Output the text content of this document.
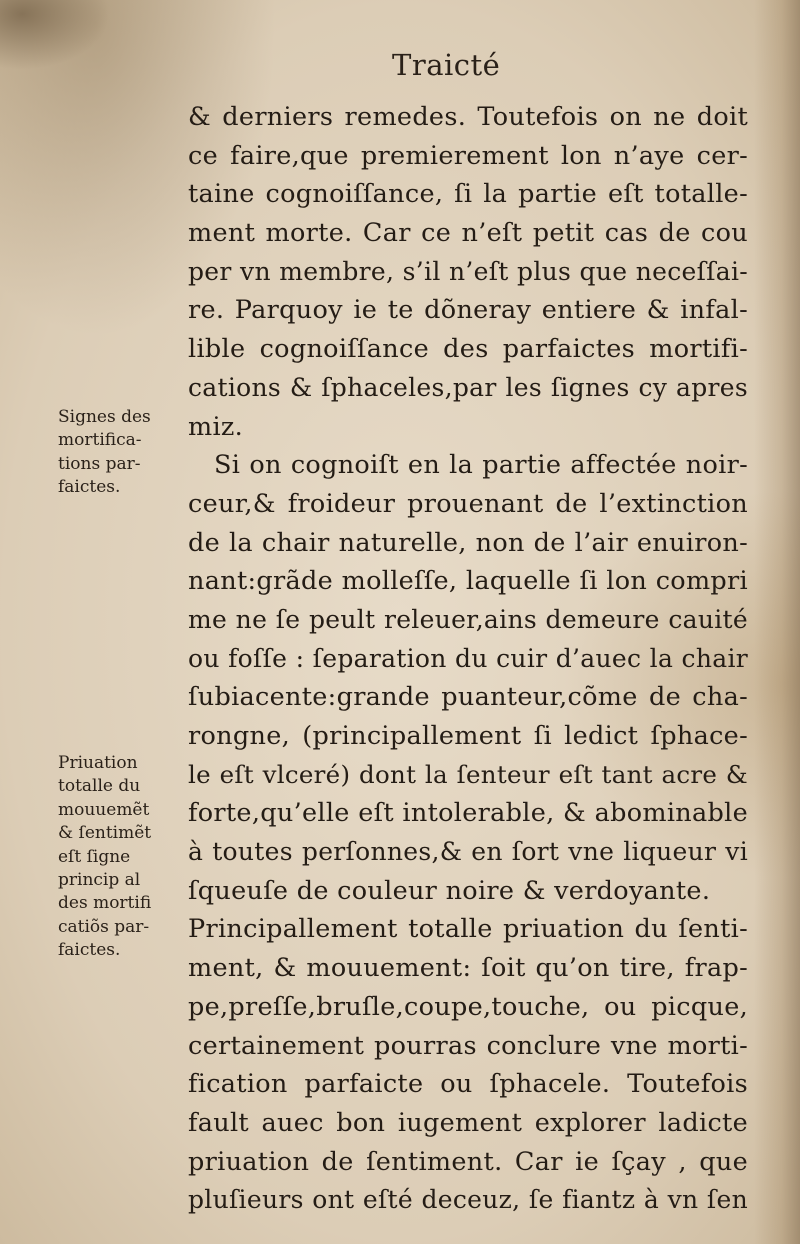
Traicté
Signes des
mortifica-
tions par-
faictes.
Priuation
totalle du
mouuemẽt
& ſentimẽt
eſt ſigne
princip al
des mortifi
catiõs par-
faictes.
& derniers remedes. Toutefois on ne doit
ce faire,que premierement lon n’aye cer-
taine cognoiſſance, ſi la partie eſt totalle-
ment morte. Car ce n’eſt petit cas de cou
per vn membre, s’il n’eſt plus que neceſſai-
re. Parquoy ie te dõneray entiere & infal-
lible cognoiſſance des parfaictes mortifi-
cations & ſphaceles,par les ſignes cy apres
miz.
Si on cognoiſt en la partie affectée noir-
ceur,& froideur prouenant de l’extinction
de la chair naturelle, non de l’air enuiron-
nant:grãde molleſſe, laquelle ſi lon compri
me ne ſe peult releuer,ains demeure cauité
ou foſſe : ſeparation du cuir d’auec la chair
ſubiacente:grande puanteur,cõme de cha-
rongne, (principallement ſi ledict ſphace-
le eſt vlceré) dont la ſenteur eſt tant acre &
forte,qu’elle eſt intolerable, & abominable
à toutes perſonnes,& en ſort vne liqueur vi
ſqueuſe de couleur noire & verdoyante.
Principallement totalle priuation du ſenti-
ment, & mouuement: ſoit qu’on tire, frap-
pe,preſſe,bruſle,coupe,touche, ou picque,
certainement pourras conclure vne morti-
fication parfaicte ou ſphacele. Toutefois
fault auec bon iugement explorer ladicte
priuation de ſentiment. Car ie ſçay , que
pluſieurs ont eſté deceuz, ſe fiantz à vn ſen
